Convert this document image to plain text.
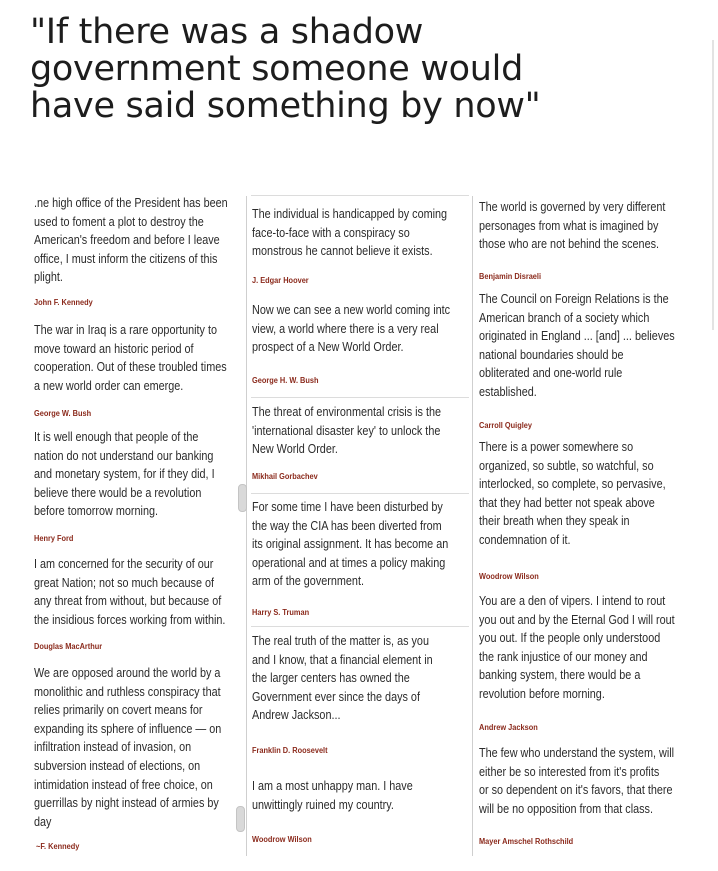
"If there was a shadow
government someone would
have said something by now"
.ne high office of the President has been
used to foment a plot to destroy the
American's freedom and before I leave
office, I must inform the citizens of this
plight.
John F. Kennedy
The war in Iraq is a rare opportunity to
move toward an historic period of
cooperation. Out of these troubled times
a new world order can emerge.
George W. Bush
It is well enough that people of the
nation do not understand our banking
and monetary system, for if they did, I
believe there would be a revolution
before tomorrow morning.
Henry Ford
I am concerned for the security of our
great Nation; not so much because of
any threat from without, but because of
the insidious forces working from within.
Douglas MacArthur
We are opposed around the world by a
monolithic and ruthless conspiracy that
relies primarily on covert means for
expanding its sphere of influence — on
infiltration instead of invasion, on
subversion instead of elections, on
intimidation instead of free choice, on
guerrillas by night instead of armies by
day
~F. Kennedy
The individual is handicapped by coming
face-to-face with a conspiracy so
monstrous he cannot believe it exists.
J. Edgar Hoover
Now we can see a new world coming intc
view, a world where there is a very real
prospect of a New World Order.
George H. W. Bush
The threat of environmental crisis is the
'international disaster key' to unlock the
New World Order.
Mikhail Gorbachev
For some time I have been disturbed by
the way the CIA has been diverted from
its original assignment. It has become an
operational and at times a policy making
arm of the government.
Harry S. Truman
The real truth of the matter is, as you
and I know, that a financial element in
the larger centers has owned the
Government ever since the days of
Andrew Jackson...
Franklin D. Roosevelt
I am a most unhappy man. I have
unwittingly ruined my country.
Woodrow Wilson
The world is governed by very different
personages from what is imagined by
those who are not behind the scenes.
Benjamin Disraeli
The Council on Foreign Relations is the
American branch of a society which
originated in England ... [and] ... believes
national boundaries should be
obliterated and one-world rule
established.
Carroll Quigley
There is a power somewhere so
organized, so subtle, so watchful, so
interlocked, so complete, so pervasive,
that they had better not speak above
their breath when they speak in
condemnation of it.
Woodrow Wilson
You are a den of vipers. I intend to rout
you out and by the Eternal God I will rout
you out. If the people only understood
the rank injustice of our money and
banking system, there would be a
revolution before morning.
Andrew Jackson
The few who understand the system, will
either be so interested from it's profits
or so dependent on it's favors, that there
will be no opposition from that class.
Mayer Amschel Rothschild
